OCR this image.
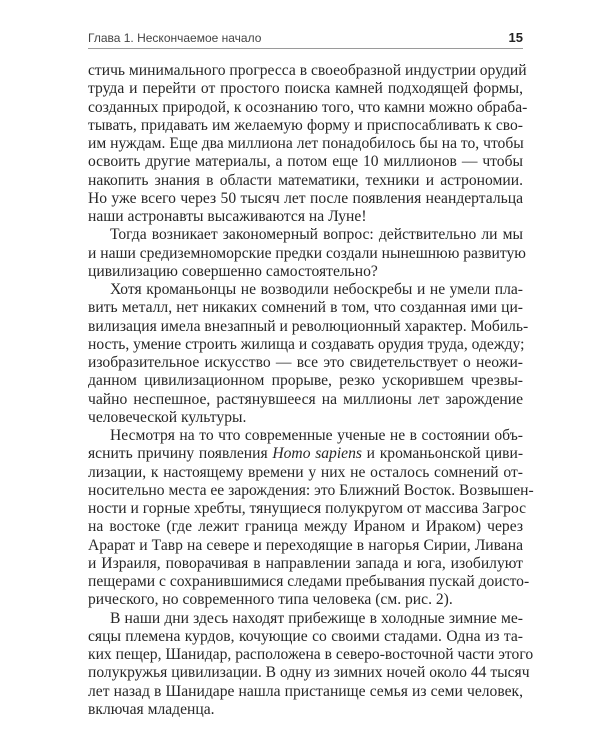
Глава 1. Нескончаемое начало	15
стичь минимального прогресса в своеобразной индустрии орудий
труда и перейти от простого поиска камней подходящей формы,
созданных природой, к осознанию того, что камни можно обраба-
тывать, придавать им желаемую форму и приспосабливать к сво-
им нуждам. Еще два миллиона лет понадобилось бы на то, чтобы
освоить другие материалы, а потом еще 10 миллионов — чтобы
накопить знания в области математики, техники и астрономии.
Но уже всего через 50 тысяч лет после появления неандертальца
наши астронавты высаживаются на Луне!
Тогда возникает закономерный вопрос: действительно ли мы
и наши средиземноморские предки создали нынешнюю развитую
цивилизацию совершенно самостоятельно?
Хотя кроманьонцы не возводили небоскребы и не умели пла-
вить металл, нет никаких сомнений в том, что созданная ими ци-
вилизация имела внезапный и революционный характер. Мобиль-
ность, умение строить жилища и создавать орудия труда, одежду;
изобразительное искусство — все это свидетельствует о неожи-
данном цивилизационном прорыве, резко ускорившем чрезвы-
чайно неспешное, растянувшееся на миллионы лет зарождение
человеческой культуры.
Несмотря на то что современные ученые не в состоянии объ-
яснить причину появления Homo sapiens и кроманьонской циви-
лизации, к настоящему времени у них не осталось сомнений от-
носительно места ее зарождения: это Ближний Восток. Возвышен-
ности и горные хребты, тянущиеся полукругом от массива Загрос
на востоке (где лежит граница между Ираном и Ираком) через
Арарат и Тавр на севере и переходящие в нагорья Сирии, Ливана
и Израиля, поворачивая в направлении запада и юга, изобилуют
пещерами с сохранившимися следами пребывания пускай доисто-
рического, но современного типа человека (см. рис. 2).
В наши дни здесь находят прибежище в холодные зимние ме-
сяцы племена курдов, кочующие со своими стадами. Одна из та-
ких пещер, Шанидар, расположена в северо-восточной части этого
полукружья цивилизации. В одну из зимних ночей около 44 тысяч
лет назад в Шанидаре нашла пристанище семья из семи человек,
включая младенца.
